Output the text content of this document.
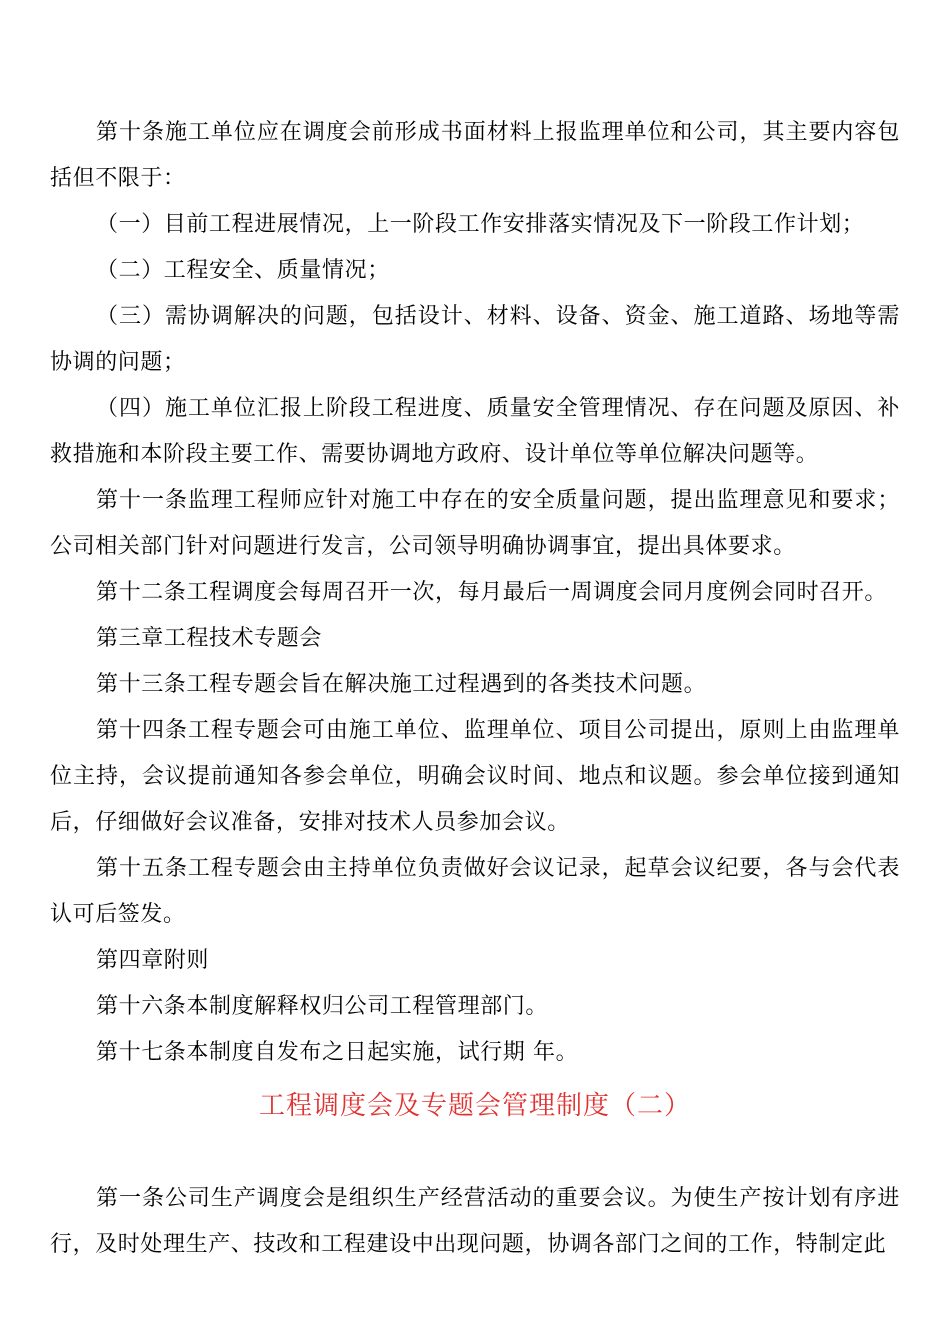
第十条施工单位应在调度会前形成书面材料上报监理单位和公司，其主要内容包括但不限于：

（一）目前工程进展情况，上一阶段工作安排落实情况及下一阶段工作计划；

（二）工程安全、质量情况；

（三）需协调解决的问题，包括设计、材料、设备、资金、施工道路、场地等需协调的问题；

（四）施工单位汇报上阶段工程进度、质量安全管理情况、存在问题及原因、补救措施和本阶段主要工作、需要协调地方政府、设计单位等单位解决问题等。

第十一条监理工程师应针对施工中存在的安全质量问题，提出监理意见和要求；公司相关部门针对问题进行发言，公司领导明确协调事宜，提出具体要求。

第十二条工程调度会每周召开一次，每月最后一周调度会同月度例会同时召开。

第三章工程技术专题会

第十三条工程专题会旨在解决施工过程遇到的各类技术问题。

第十四条工程专题会可由施工单位、监理单位、项目公司提出，原则上由监理单位主持，会议提前通知各参会单位，明确会议时间、地点和议题。参会单位接到通知后，仔细做好会议准备，安排对技术人员参加会议。

第十五条工程专题会由主持单位负责做好会议记录，起草会议纪要，各与会代表认可后签发。

第四章附则

第十六条本制度解释权归公司工程管理部门。

第十七条本制度自发布之日起实施，试行期 年。

工程调度会及专题会管理制度（二）

第一条公司生产调度会是组织生产经营活动的重要会议。为使生产按计划有序进行，及时处理生产、技改和工程建设中出现问题，协调各部门之间的工作，特制定此
